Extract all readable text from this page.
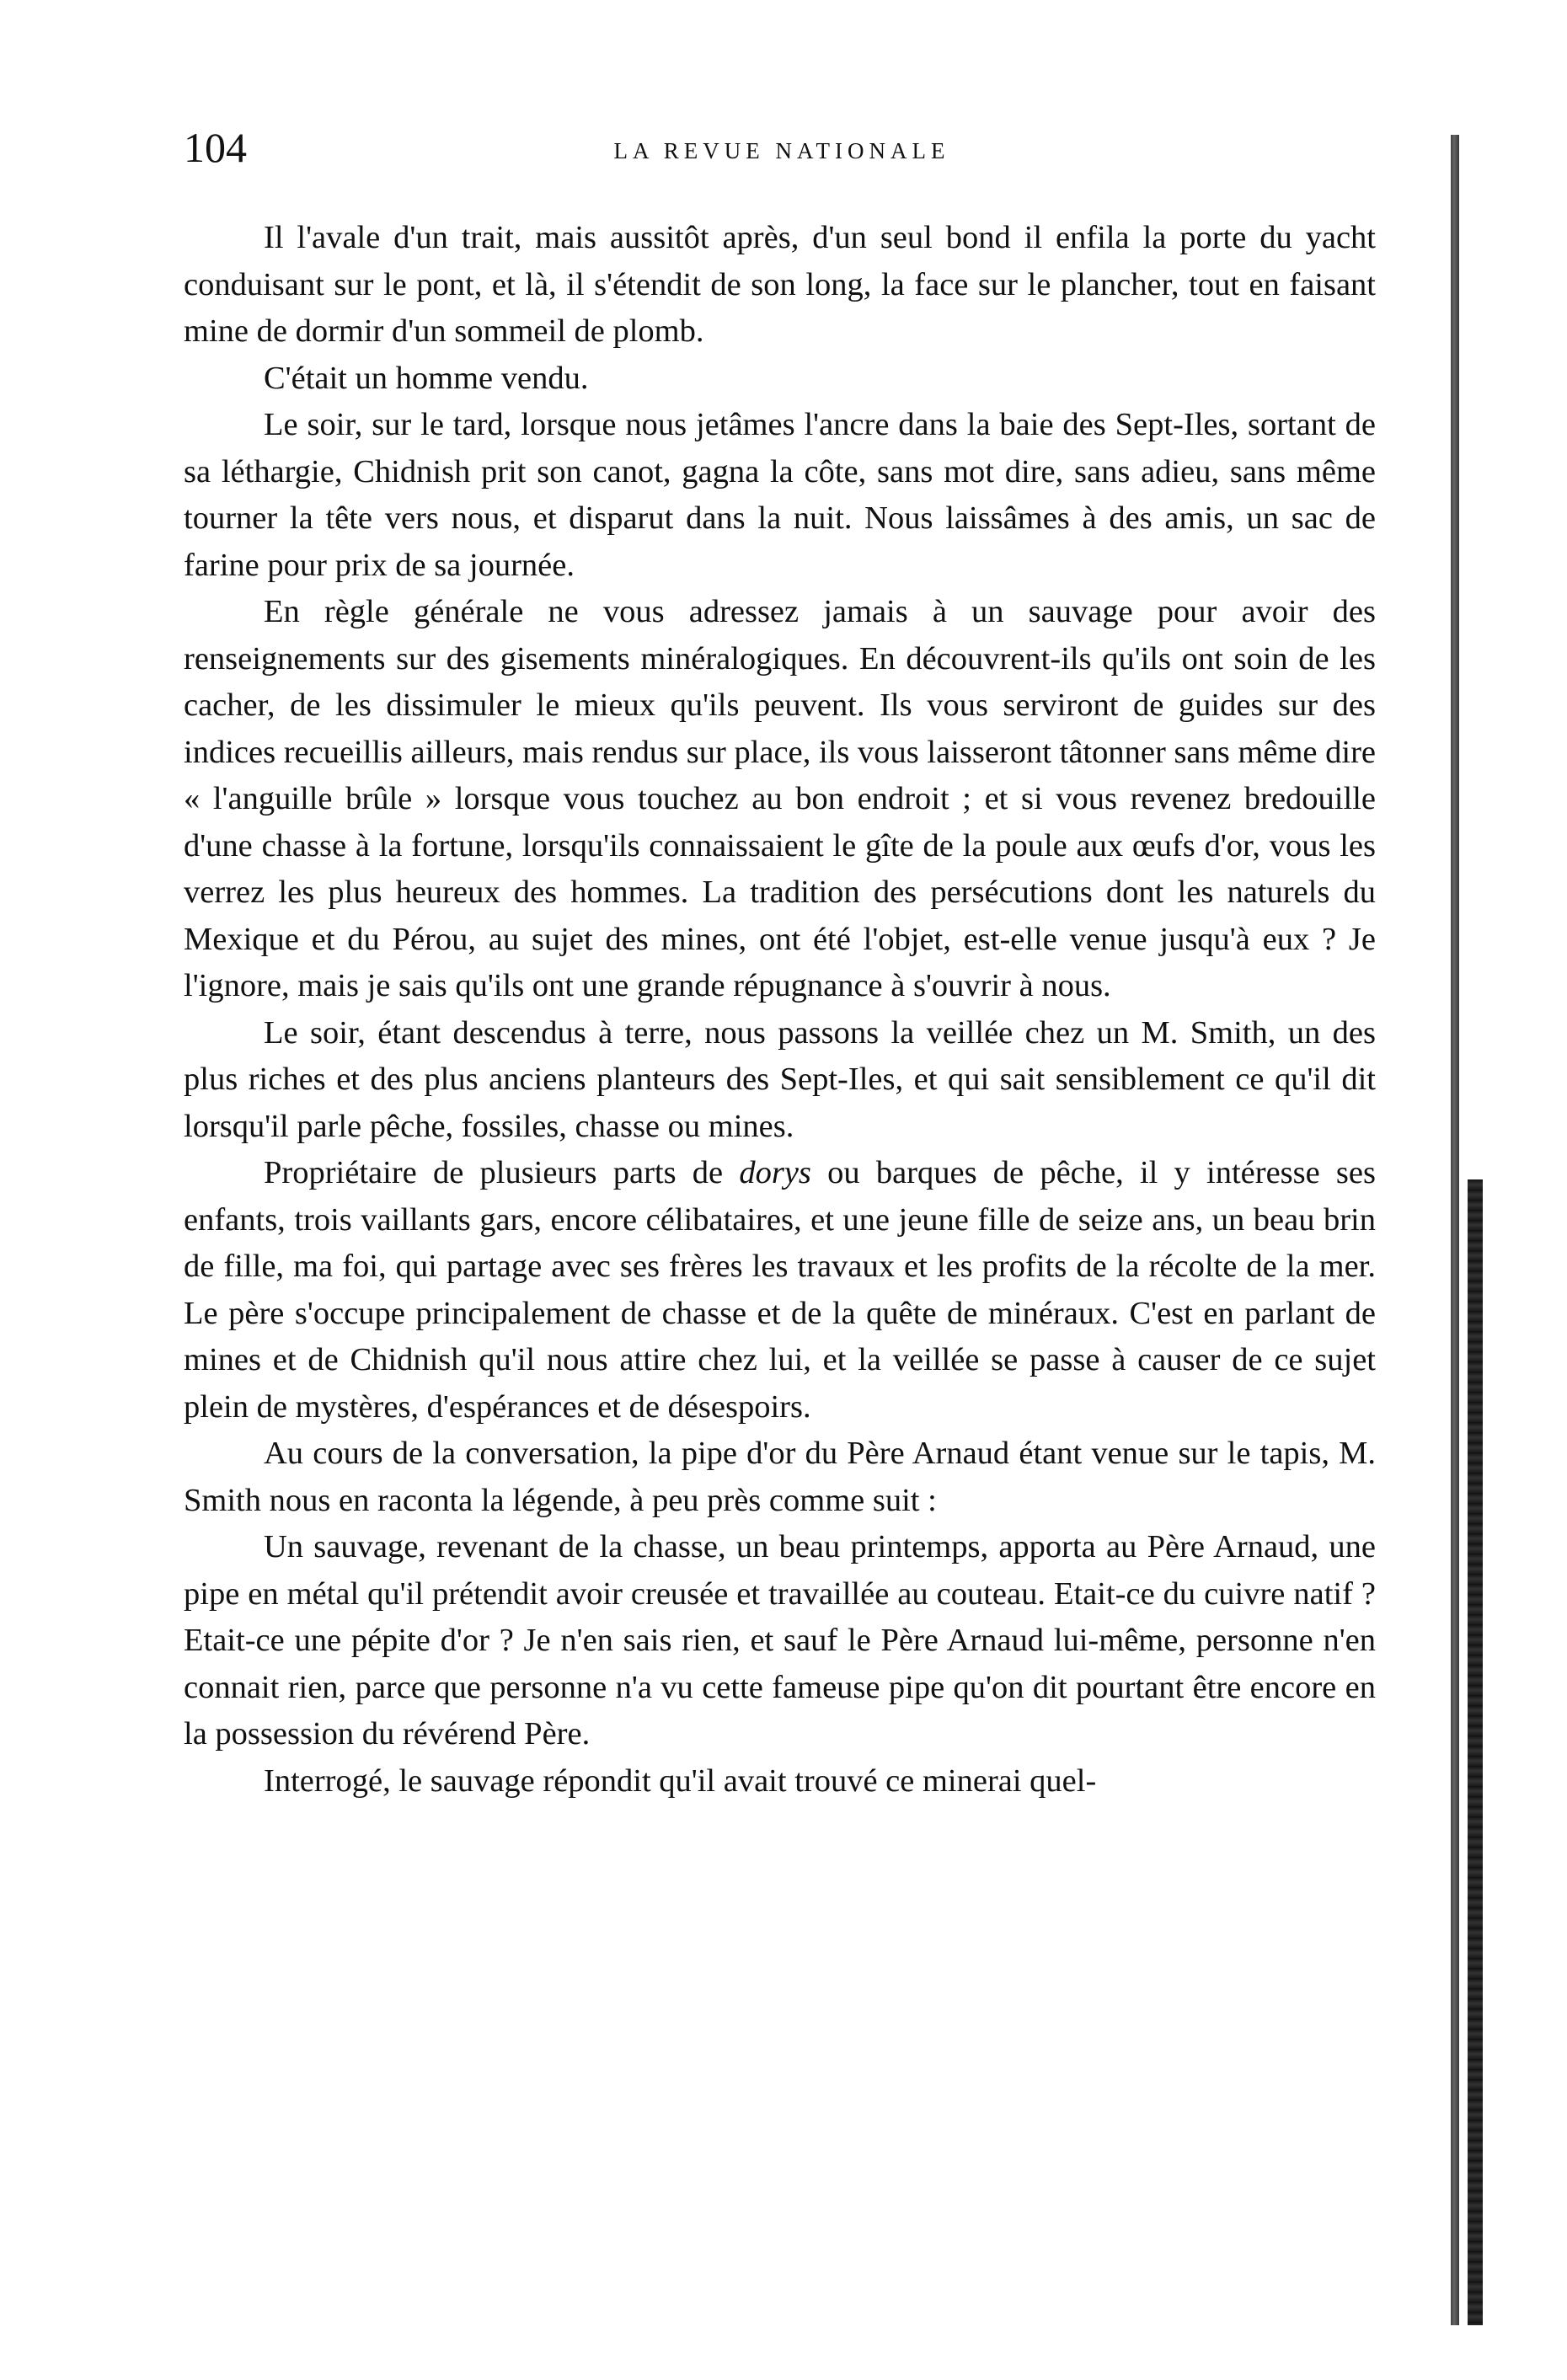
104	LA REVUE NATIONALE

Il l'avale d'un trait, mais aussitôt après, d'un seul bond il enfila la porte du yacht conduisant sur le pont, et là, il s'étendit de son long, la face sur le plancher, tout en faisant mine de dormir d'un sommeil de plomb.

C'était un homme vendu.

Le soir, sur le tard, lorsque nous jetâmes l'ancre dans la baie des Sept-Iles, sortant de sa léthargie, Chidnish prit son canot, gagna la côte, sans mot dire, sans adieu, sans même tourner la tête vers nous, et disparut dans la nuit. Nous laissâmes à des amis, un sac de farine pour prix de sa journée.

En règle générale ne vous adressez jamais à un sauvage pour avoir des renseignements sur des gisements minéralogiques. En découvrent-ils qu'ils ont soin de les cacher, de les dissimuler le mieux qu'ils peuvent. Ils vous serviront de guides sur des indices recueillis ailleurs, mais rendus sur place, ils vous laisseront tâtonner sans même dire « l'anguille brûle » lorsque vous touchez au bon endroit ; et si vous revenez bredouille d'une chasse à la fortune, lorsqu'ils connaissaient le gîte de la poule aux œufs d'or, vous les verrez les plus heureux des hommes. La tradition des persécutions dont les naturels du Mexique et du Pérou, au sujet des mines, ont été l'objet, est-elle venue jusqu'à eux ? Je l'ignore, mais je sais qu'ils ont une grande répugnance à s'ouvrir à nous.

Le soir, étant descendus à terre, nous passons la veillée chez un M. Smith, un des plus riches et des plus anciens planteurs des Sept-Iles, et qui sait sensiblement ce qu'il dit lorsqu'il parle pêche, fossiles, chasse ou mines.

Propriétaire de plusieurs parts de dorys ou barques de pêche, il y intéresse ses enfants, trois vaillants gars, encore célibataires, et une jeune fille de seize ans, un beau brin de fille, ma foi, qui partage avec ses frères les travaux et les profits de la récolte de la mer. Le père s'occupe principalement de chasse et de la quête de minéraux. C'est en parlant de mines et de Chidnish qu'il nous attire chez lui, et la veillée se passe à causer de ce sujet plein de mystères, d'espérances et de désespoirs.

Au cours de la conversation, la pipe d'or du Père Arnaud étant venue sur le tapis, M. Smith nous en raconta la légende, à peu près comme suit :

Un sauvage, revenant de la chasse, un beau printemps, apporta au Père Arnaud, une pipe en métal qu'il prétendit avoir creusée et travaillée au couteau. Etait-ce du cuivre natif ? Etait-ce une pépite d'or ? Je n'en sais rien, et sauf le Père Arnaud lui-même, personne n'en connait rien, parce que personne n'a vu cette fameuse pipe qu'on dit pourtant être encore en la possession du révérend Père.

Interrogé, le sauvage répondit qu'il avait trouvé ce minerai quel-
